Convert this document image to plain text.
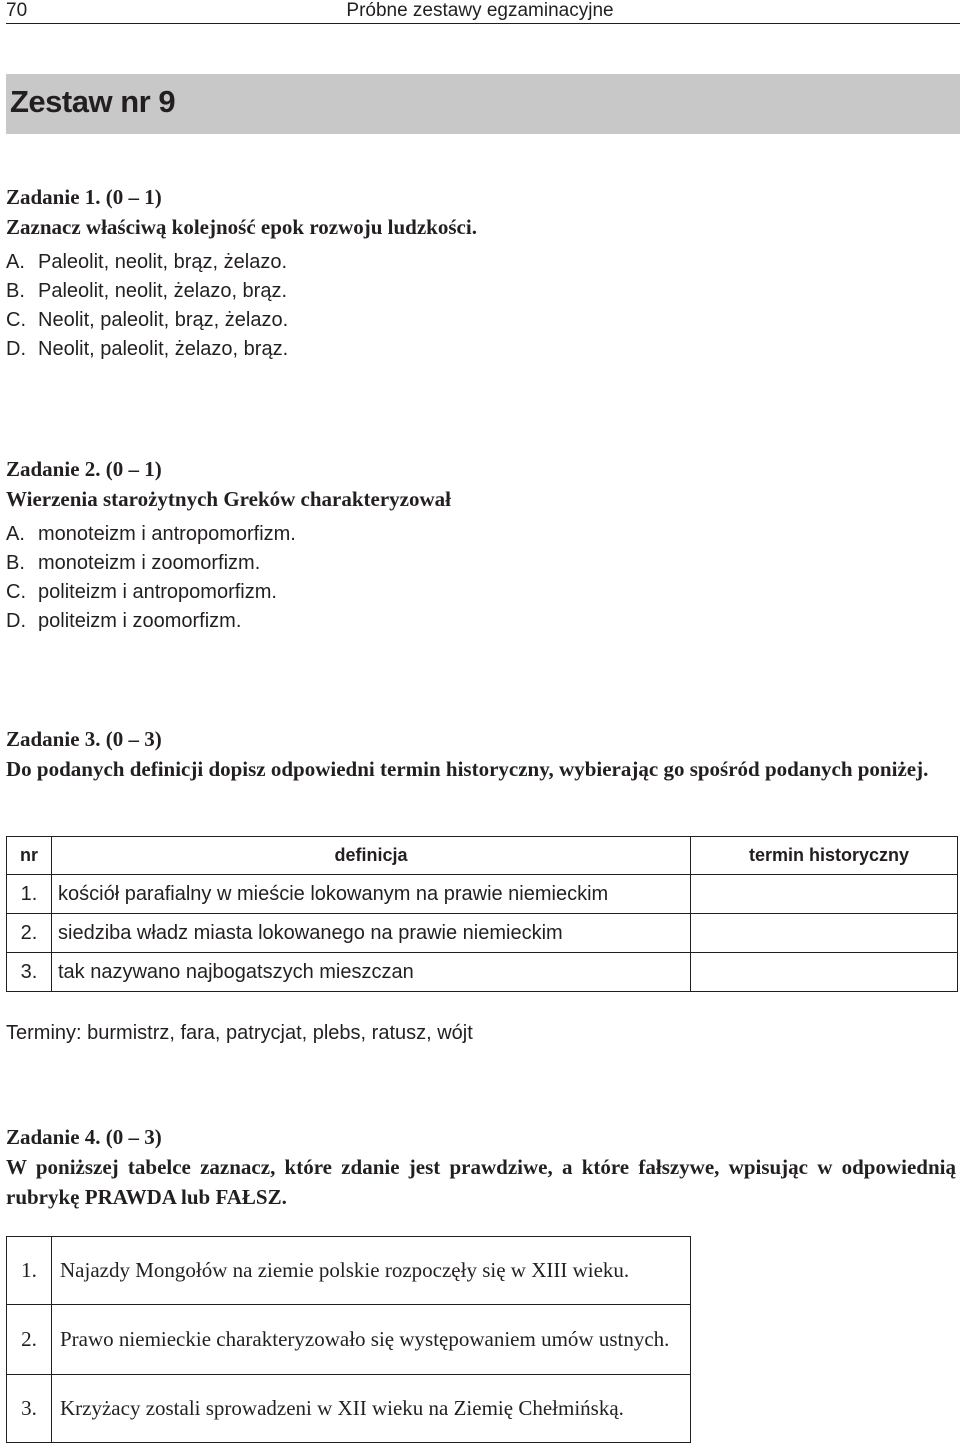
70	Próbne zestawy egzaminacyjne
Zestaw nr 9
Zadanie 1. (0 – 1)
Zaznacz właściwą kolejność epok rozwoju ludzkości.
A. Paleolit, neolit, brąz, żelazo.
B. Paleolit, neolit, żelazo, brąz.
C. Neolit, paleolit, brąz, żelazo.
D. Neolit, paleolit, żelazo, brąz.
Zadanie 2. (0 – 1)
Wierzenia starożytnych Greków charakteryzował
A. monoteizm i antropomorfizm.
B. monoteizm i zoomorfizm.
C. politeizm i antropomorfizm.
D. politeizm i zoomorfizm.
Zadanie 3. (0 – 3)
Do podanych definicji dopisz odpowiedni termin historyczny, wybierając go spośród podanych poniżej.
nr	definicja	termin historyczny
1.	kościół parafialny w mieście lokowanym na prawie niemieckim	
2.	siedziba władz miasta lokowanego na prawie niemieckim	
3.	tak nazywano najbogatszych mieszczan	
Terminy: burmistrz, fara, patrycjat, plebs, ratusz, wójt
Zadanie 4. (0 – 3)
W poniższej tabelce zaznacz, które zdanie jest prawdziwe, a które fałszywe, wpisując w odpowiednią rubrykę PRAWDA lub FAŁSZ.
1.	Najazdy Mongołów na ziemie polskie rozpoczęły się w XIII wieku.	
2.	Prawo niemieckie charakteryzowało się występowaniem umów ustnych.	
3.	Krzyżacy zostali sprowadzeni w XII wieku na Ziemię Chełmińską.	
